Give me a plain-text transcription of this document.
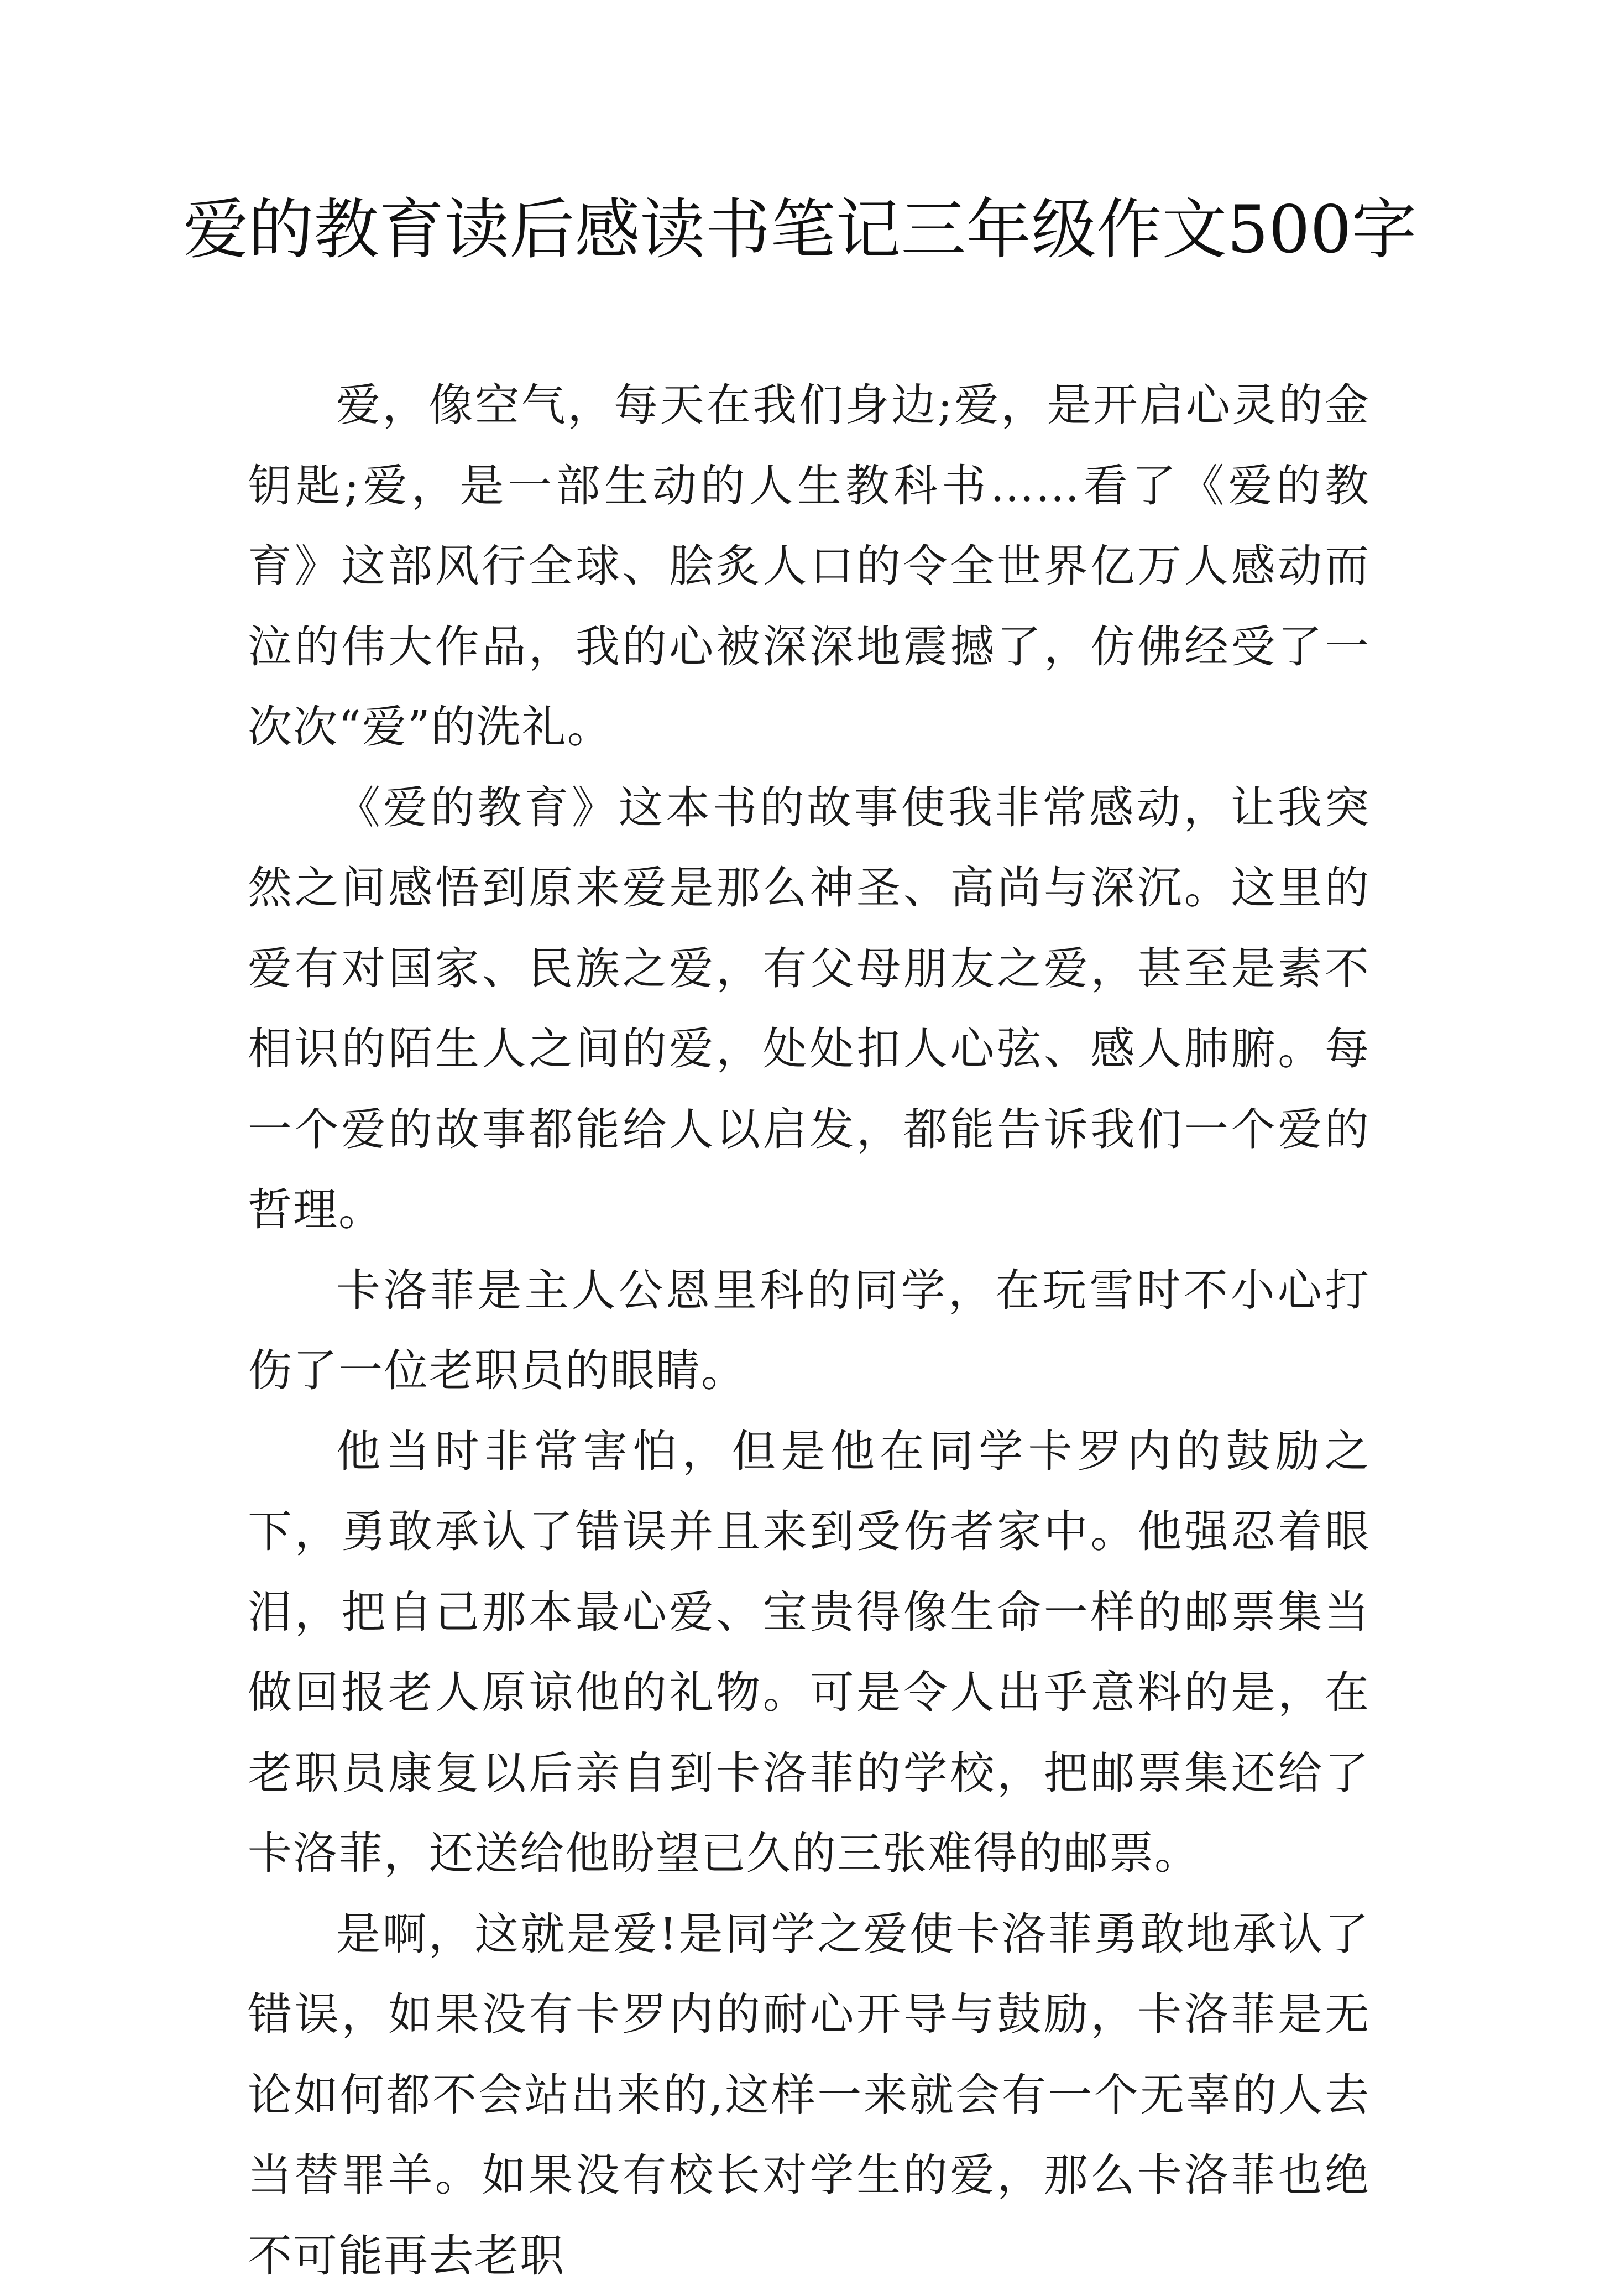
爱的教育读后感读书笔记三年级作文500字

爱，像空气，每天在我们身边;爱，是开启心灵的金钥匙;爱，是一部生动的人生教科书……看了《爱的教育》这部风行全球、脍炙人口的令全世界亿万人感动而泣的伟大作品，我的心被深深地震撼了，仿佛经受了一次次“爱”的洗礼。

《爱的教育》这本书的故事使我非常感动，让我突然之间感悟到原来爱是那么神圣、高尚与深沉。这里的爱有对国家、民族之爱，有父母朋友之爱，甚至是素不相识的陌生人之间的爱，处处扣人心弦、感人肺腑。每一个爱的故事都能给人以启发，都能告诉我们一个爱的哲理。

卡洛菲是主人公恩里科的同学，在玩雪时不小心打伤了一位老职员的眼睛。

他当时非常害怕，但是他在同学卡罗内的鼓励之下，勇敢承认了错误并且来到受伤者家中。他强忍着眼泪，把自己那本最心爱、宝贵得像生命一样的邮票集当做回报老人原谅他的礼物。可是令人出乎意料的是，在老职员康复以后亲自到卡洛菲的学校，把邮票集还给了卡洛菲，还送给他盼望已久的三张难得的邮票。

是啊，这就是爱!是同学之爱使卡洛菲勇敢地承认了错误，如果没有卡罗内的耐心开导与鼓励，卡洛菲是无论如何都不会站出来的,这样一来就会有一个无辜的人去当替罪羊。如果没有校长对学生的爱，那么卡洛菲也绝不可能再去老职
